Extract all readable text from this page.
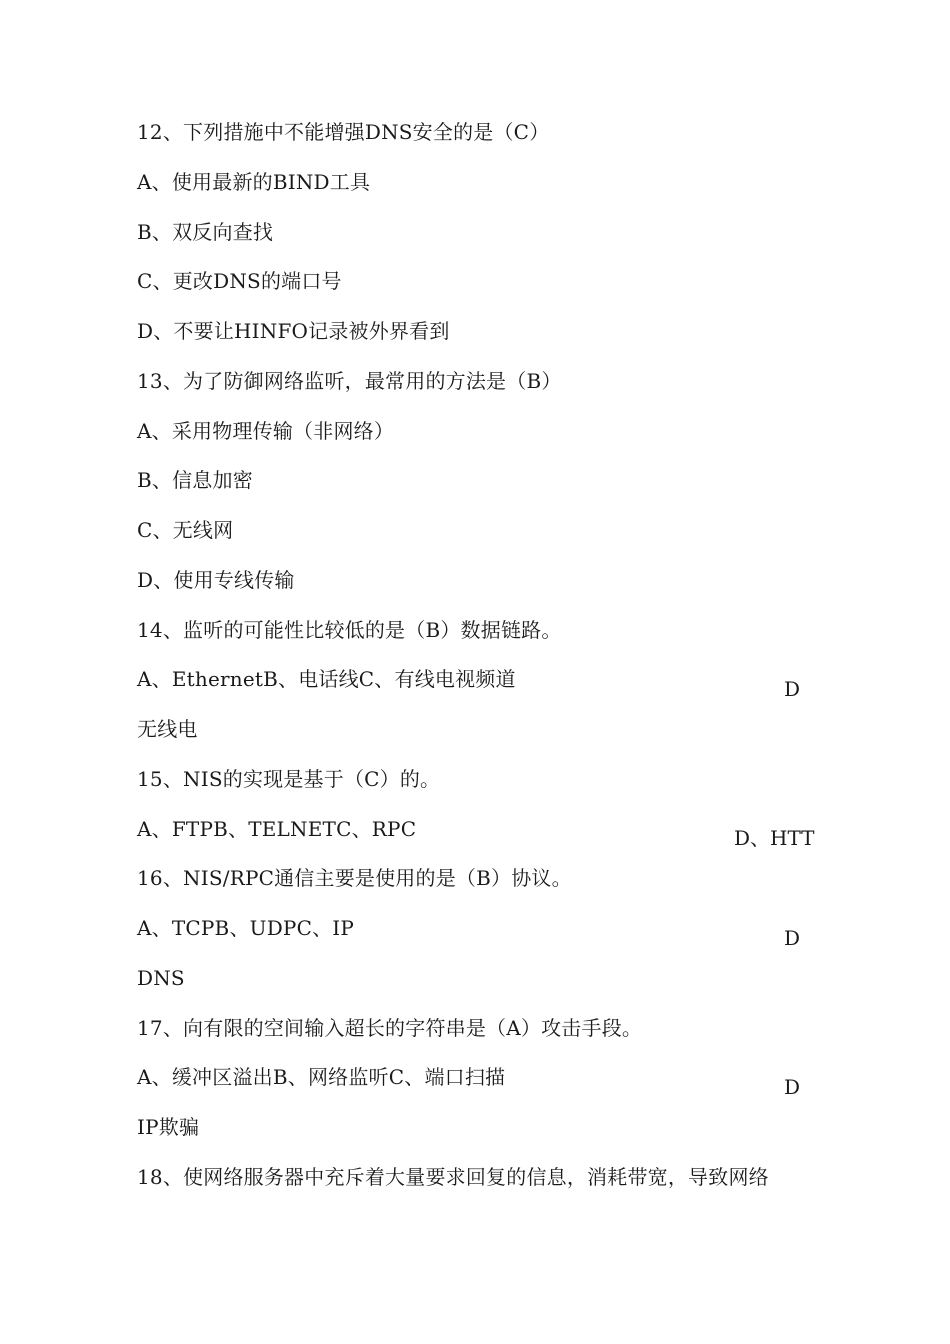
12、下列措施中不能增强DNS安全的是（C）
A、使用最新的BIND工具
B、双反向查找
C、更改DNS的端口号
D、不要让HINFO记录被外界看到
13、为了防御网络监听，最常用的方法是（B）
A、采用物理传输（非网络）
B、信息加密
C、无线网
D、使用专线传输
14、监听的可能性比较低的是（B）数据链路。
A、EthernetB、电话线C、有线电视频道	D
无线电
15、NIS的实现是基于（C）的。
A、FTPB、TELNETC、RPC	D、HTT
16、NIS/RPC通信主要是使用的是（B）协议。
A、TCPB、UDPC、IP	D
DNS
17、向有限的空间输入超长的字符串是（A）攻击手段。
A、缓冲区溢出B、网络监听C、端口扫描	D
IP欺骗
18、使网络服务器中充斥着大量要求回复的信息，消耗带宽，导致网络
